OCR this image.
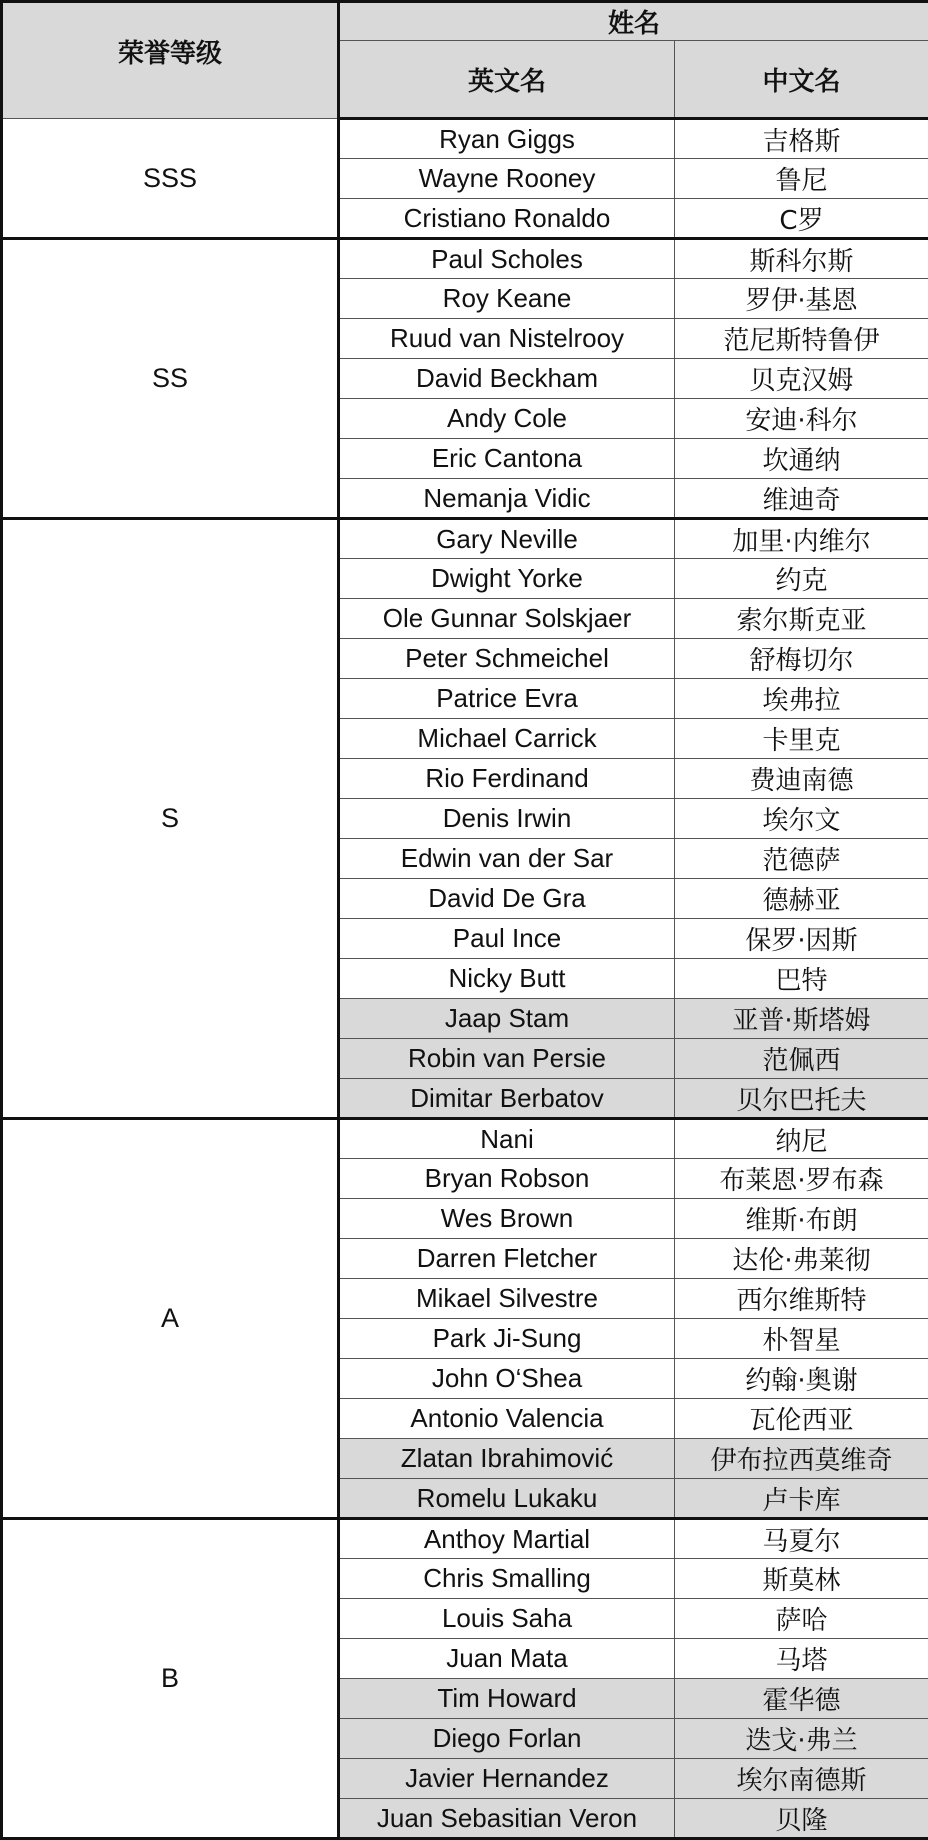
荣誉等级	姓名	
	英文名	中文名
SSS	Ryan Giggs	吉格斯
	Wayne Rooney	鲁尼
	Cristiano Ronaldo	C罗
SS	Paul Scholes	斯科尔斯
	Roy Keane	罗伊·基恩
	Ruud van Nistelrooy	范尼斯特鲁伊
	David Beckham	贝克汉姆
	Andy Cole	安迪·科尔
	Eric Cantona	坎通纳
	Nemanja Vidic	维迪奇
S	Gary Neville	加里·内维尔
	Dwight Yorke	约克
	Ole Gunnar Solskjaer	索尔斯克亚
	Peter Schmeichel	舒梅切尔
	Patrice Evra	埃弗拉
	Michael Carrick	卡里克
	Rio Ferdinand	费迪南德
	Denis Irwin	埃尔文
	Edwin van der Sar	范德萨
	David De Gra	德赫亚
	Paul Ince	保罗·因斯
	Nicky Butt	巴特
	Jaap Stam	亚普·斯塔姆
	Robin van Persie	范佩西
	Dimitar Berbatov	贝尔巴托夫
A	Nani	纳尼
	Bryan Robson	布莱恩·罗布森
	Wes Brown	维斯·布朗
	Darren Fletcher	达伦·弗莱彻
	Mikael Silvestre	西尔维斯特
	Park Ji-Sung	朴智星
	John O‘Shea	约翰·奥谢
	Antonio Valencia	瓦伦西亚
	Zlatan Ibrahimović	伊布拉西莫维奇
	Romelu Lukaku	卢卡库
B	Anthoy Martial	马夏尔
	Chris Smalling	斯莫林
	Louis Saha	萨哈
	Juan Mata	马塔
	Tim Howard	霍华德
	Diego Forlan	迭戈·弗兰
	Javier Hernandez	埃尔南德斯
	Juan Sebasitian Veron	贝隆
